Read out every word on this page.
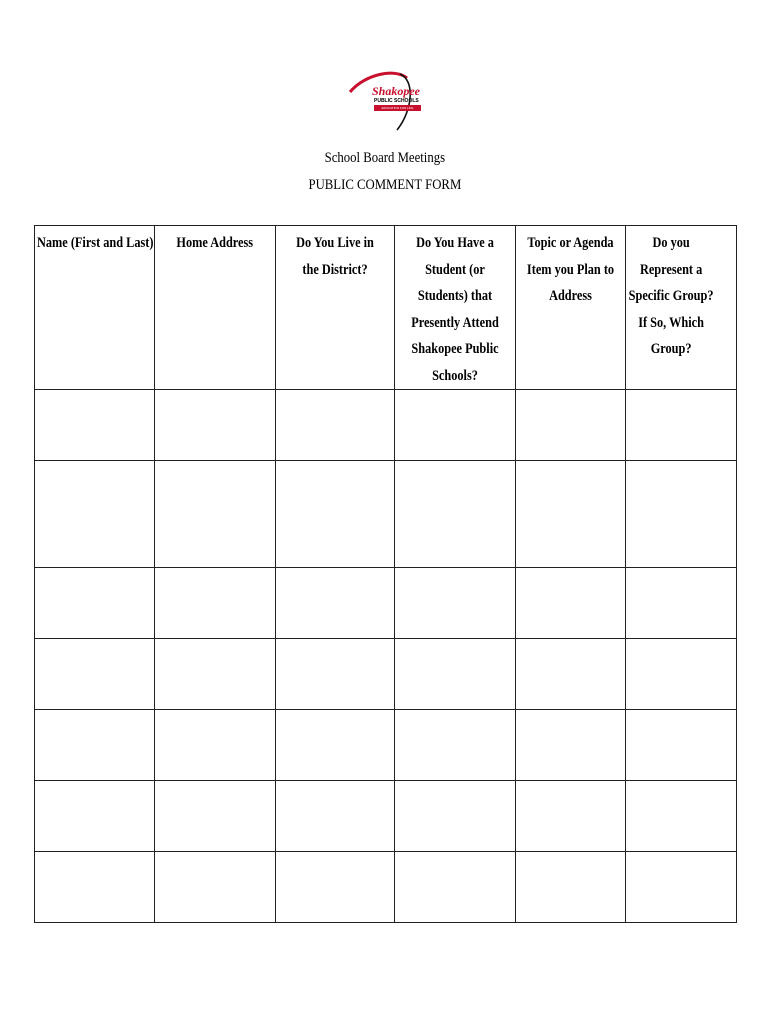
Shakopee
PUBLIC SCHOOLS
EDUCATION FOR LIFE
School Board Meetings
PUBLIC COMMENT FORM
Name (First and Last)	Home Address	Do You Live in the District?	Do You Have a Student (or Students) that Presently Attend Shakopee Public Schools?	Topic or Agenda Item you Plan to Address	Do you Represent a Specific Group? If So, Which Group?
